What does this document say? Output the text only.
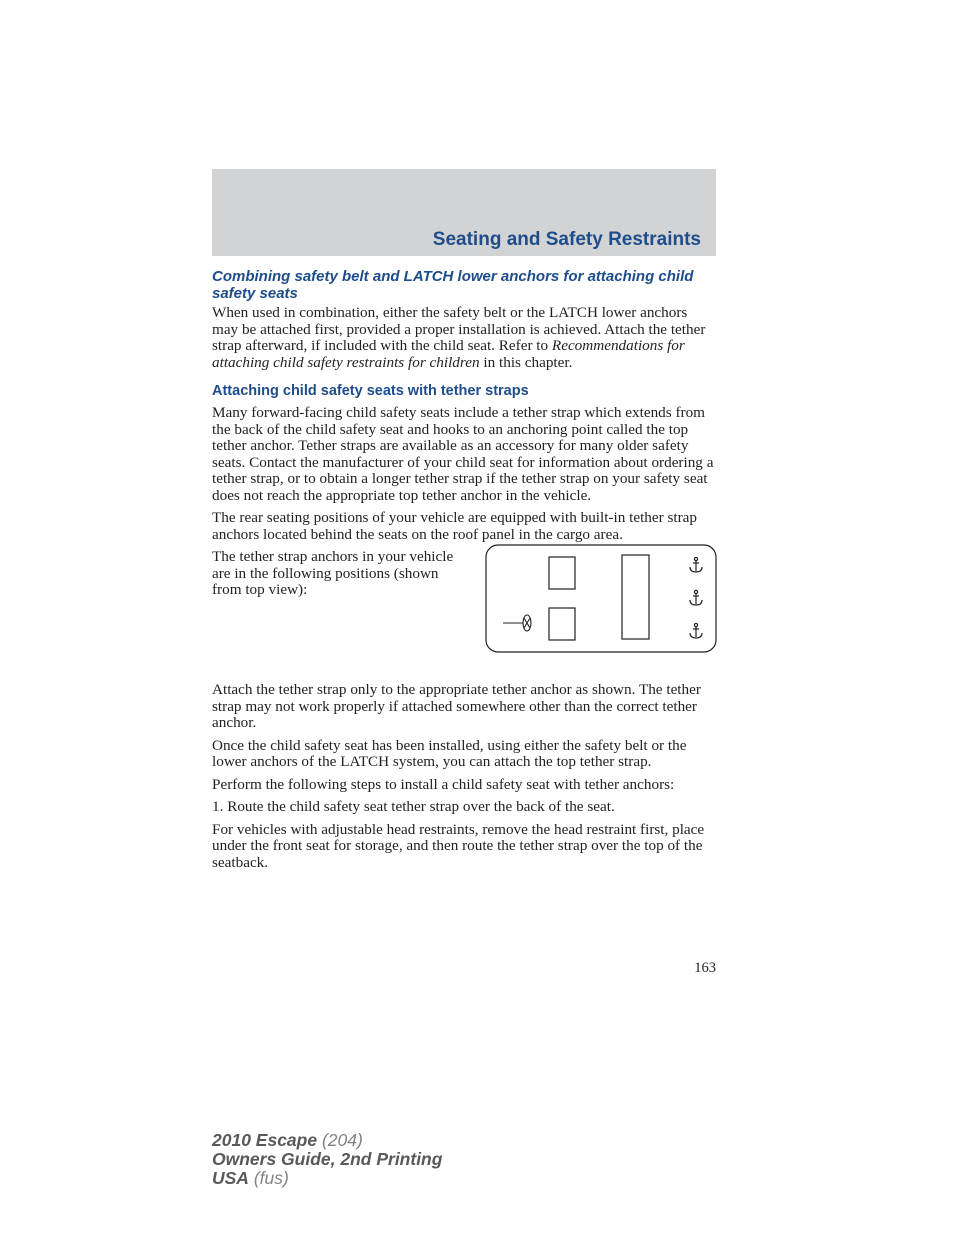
Seating and Safety Restraints
Combining safety belt and LATCH lower anchors for attaching child safety seats

When used in combination, either the safety belt or the LATCH lower anchors may be attached first, provided a proper installation is achieved. Attach the tether strap afterward, if included with the child seat. Refer to Recommendations for attaching child safety restraints for children in this chapter.

Attaching child safety seats with tether straps

Many forward-facing child safety seats include a tether strap which extends from the back of the child safety seat and hooks to an anchoring point called the top tether anchor. Tether straps are available as an accessory for many older safety seats. Contact the manufacturer of your child seat for information about ordering a tether strap, or to obtain a longer tether strap if the tether strap on your safety seat does not reach the appropriate top tether anchor in the vehicle.

The rear seating positions of your vehicle are equipped with built-in tether strap anchors located behind the seats on the roof panel in the cargo area.

The tether strap anchors in your vehicle are in the following positions (shown from top view):

Attach the tether strap only to the appropriate tether anchor as shown. The tether strap may not work properly if attached somewhere other than the correct tether anchor.

Once the child safety seat has been installed, using either the safety belt or the lower anchors of the LATCH system, you can attach the top tether strap.

Perform the following steps to install a child safety seat with tether anchors:

1. Route the child safety seat tether strap over the back of the seat.

For vehicles with adjustable head restraints, remove the head restraint first, place under the front seat for storage, and then route the tether strap over the top of the seatback.

163
2010 Escape (204)
Owners Guide, 2nd Printing
USA (fus)
